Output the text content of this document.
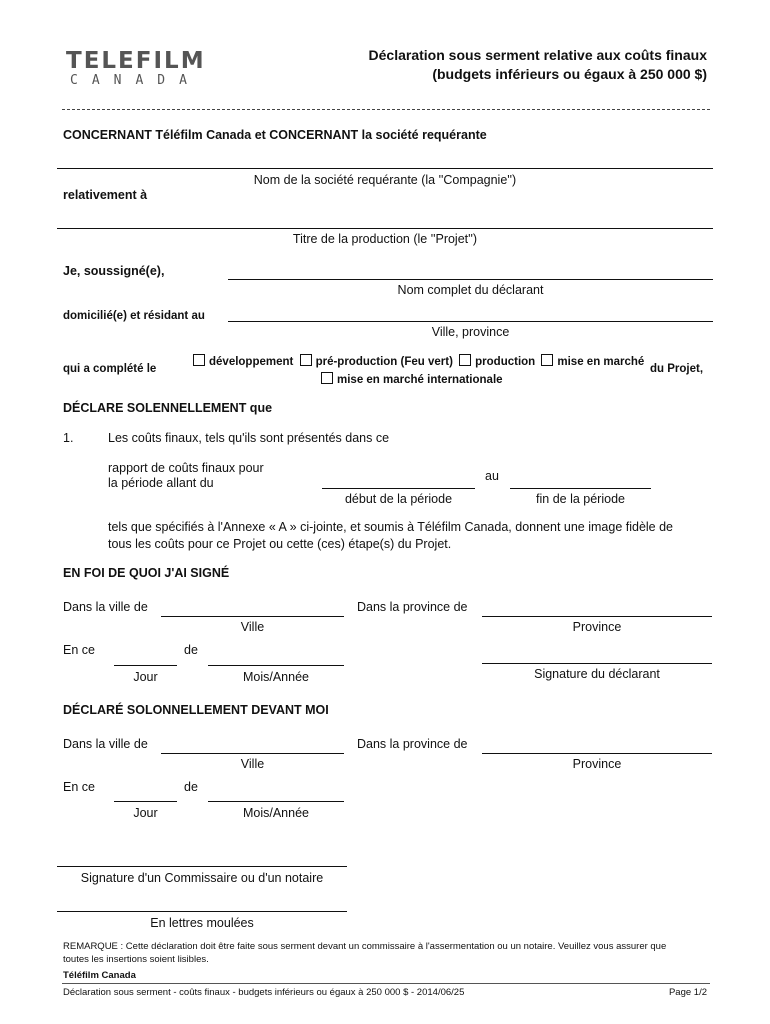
TELEFILM
CANADA
Déclaration sous serment relative aux coûts finaux
(budgets inférieurs ou égaux à 250 000 $)
CONCERNANT Téléfilm Canada et CONCERNANT la société requérante
Nom de la société requérante (la ''Compagnie'')
relativement à
Titre de la production (le ''Projet'')
Je, soussigné(e),
Nom complet du déclarant
domicilié(e) et résidant au
Ville, province
qui a complété le
développement pré-production (Feu vert) production mise en marché
mise en marché internationale
du Projet,
DÉCLARE SOLENNELLEMENT que
1.	Les coûts finaux, tels qu'ils sont présentés dans ce
rapport de coûts finaux pour
la période allant du	au
début de la période	fin de la période
tels que spécifiés à l'Annexe « A » ci-jointe, et soumis à Téléfilm Canada, donnent une image fidèle de
tous les coûts pour ce Projet ou cette (ces) étape(s) du Projet.
EN FOI DE QUOI J'AI SIGNÉ
Dans la ville de
Ville
Dans la province de
Province
En ce	de
Jour	Mois/Année	Signature du déclarant
DÉCLARÉ SOLONNELLEMENT DEVANT MOI
Dans la ville de
Ville
Dans la province de
Province
En ce	de
Jour	Mois/Année
Signature d'un Commissaire ou d'un notaire
En lettres moulées
REMARQUE : Cette déclaration doit être faite sous serment devant un commissaire à l'assermentation ou un notaire. Veuillez vous assurer que
toutes les insertions soient lisibles.
Téléfilm Canada
Déclaration sous serment - coûts finaux - budgets inférieurs ou égaux à 250 000 $ - 2014/06/25	Page 1/2
